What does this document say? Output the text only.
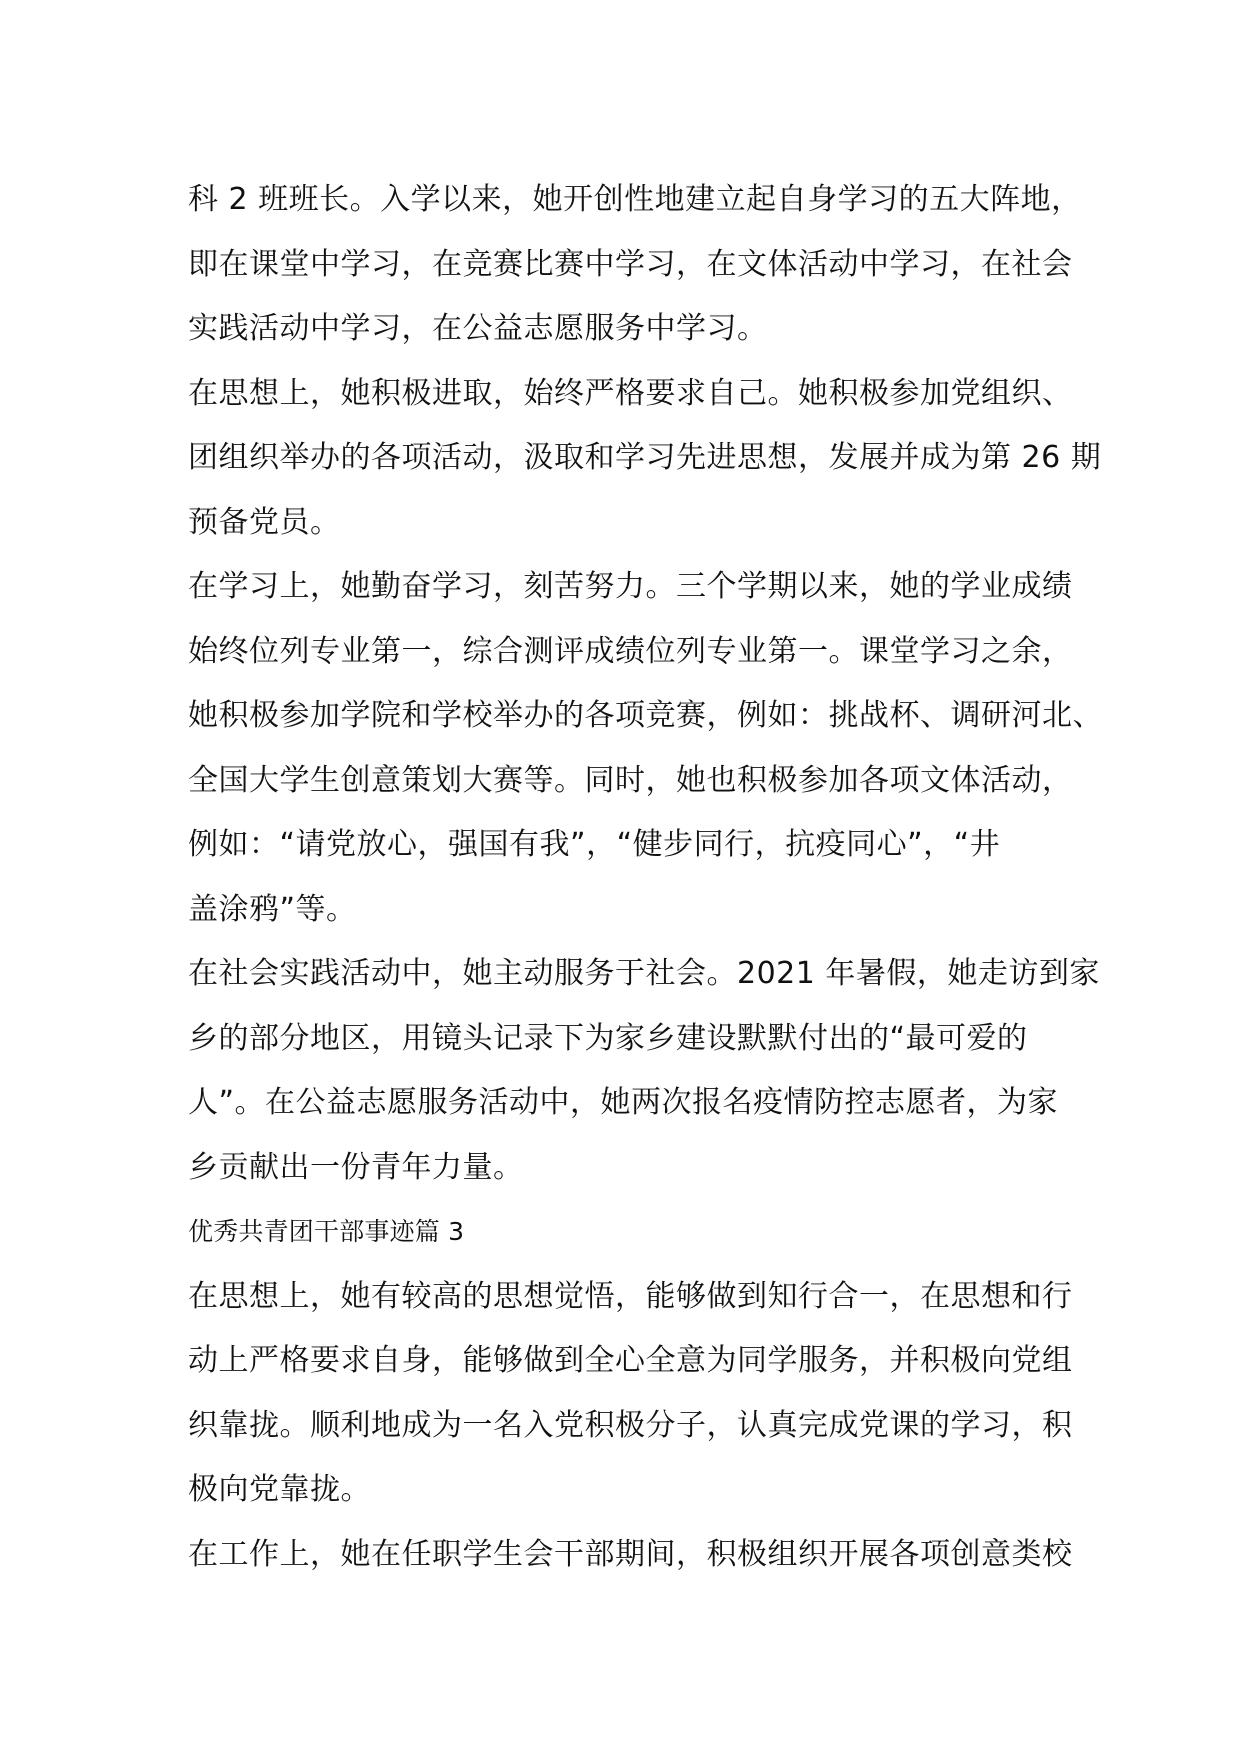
科 2 班班长。入学以来，她开创性地建立起自身学习的五大阵地，

即在课堂中学习，在竞赛比赛中学习，在文体活动中学习，在社会

实践活动中学习，在公益志愿服务中学习。

在思想上，她积极进取，始终严格要求自己。她积极参加党组织、

团组织举办的各项活动，汲取和学习先进思想，发展并成为第 26 期

预备党员。

在学习上，她勤奋学习，刻苦努力。三个学期以来，她的学业成绩

始终位列专业第一，综合测评成绩位列专业第一。课堂学习之余，

她积极参加学院和学校举办的各项竞赛，例如：挑战杯、调研河北、

全国大学生创意策划大赛等。同时，她也积极参加各项文体活动，

例如：“请党放心，强国有我”，“健步同行，抗疫同心”，“井

盖涂鸦”等。

在社会实践活动中，她主动服务于社会。2021 年暑假，她走访到家

乡的部分地区，用镜头记录下为家乡建设默默付出的“最可爱的

人”。在公益志愿服务活动中，她两次报名疫情防控志愿者，为家

乡贡献出一份青年力量。

优秀共青团干部事迹篇 3

在思想上，她有较高的思想觉悟，能够做到知行合一，在思想和行

动上严格要求自身，能够做到全心全意为同学服务，并积极向党组

织靠拢。顺利地成为一名入党积极分子，认真完成党课的学习，积

极向党靠拢。

在工作上，她在任职学生会干部期间，积极组织开展各项创意类校
